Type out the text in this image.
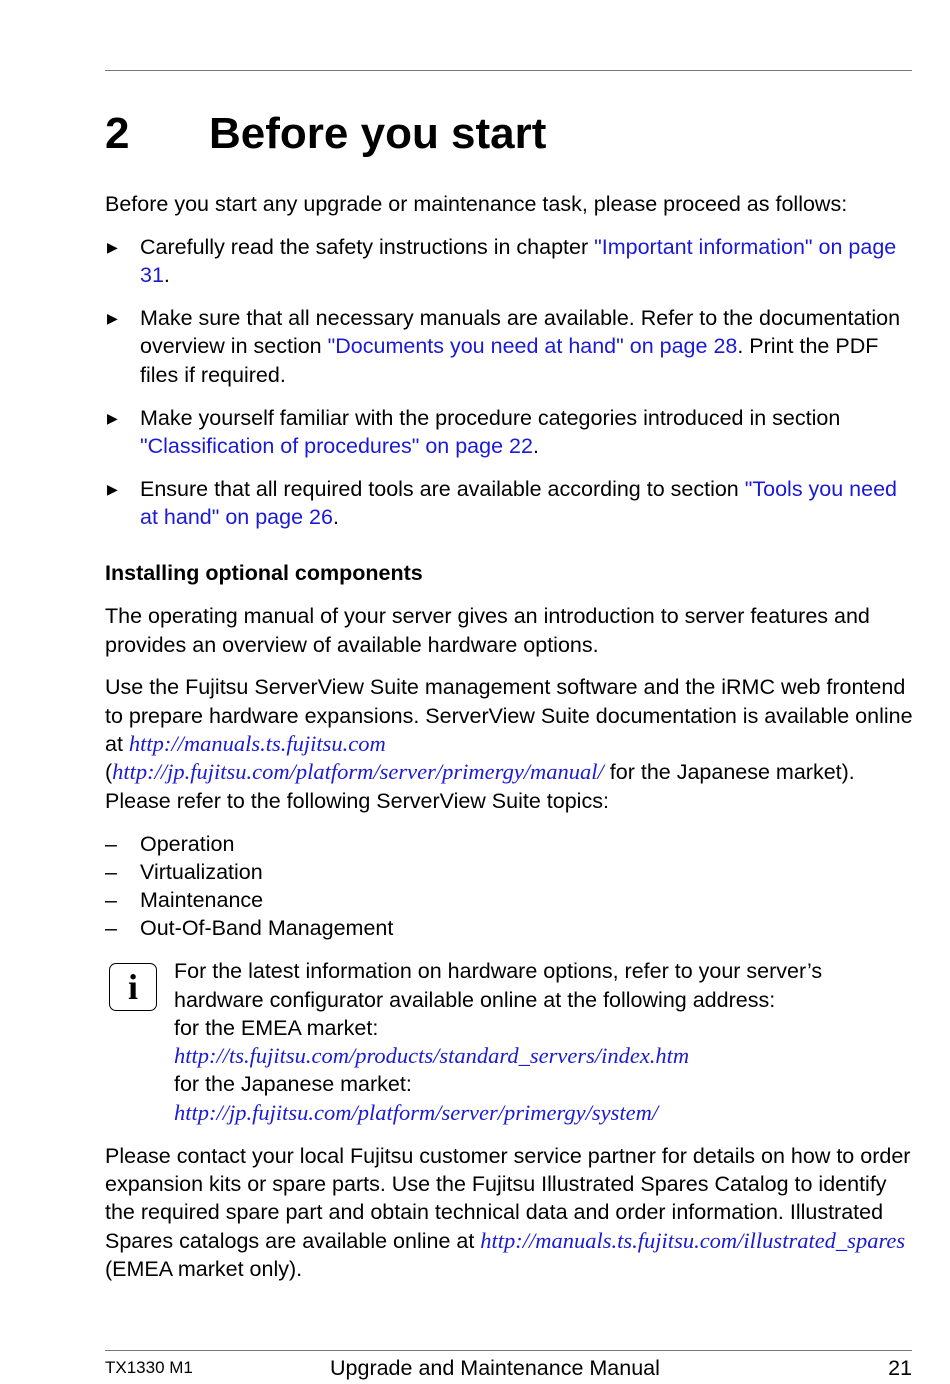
2 Before you start

Before you start any upgrade or maintenance task, please proceed as follows:

▶ Carefully read the safety instructions in chapter "Important information" on page 31.
▶ Make sure that all necessary manuals are available. Refer to the documentation overview in section "Documents you need at hand" on page 28. Print the PDF files if required.
▶ Make yourself familiar with the procedure categories introduced in section "Classification of procedures" on page 22.
▶ Ensure that all required tools are available according to section "Tools you need at hand" on page 26.
Installing optional components

The operating manual of your server gives an introduction to server features and provides an overview of available hardware options.

Use the Fujitsu ServerView Suite management software and the iRMC web frontend to prepare hardware expansions. ServerView Suite documentation is available online at http://manuals.ts.fujitsu.com
(http://jp.fujitsu.com/platform/server/primergy/manual/ for the Japanese market). Please refer to the following ServerView Suite topics:

– Operation
– Virtualization
– Maintenance
– Out-Of-Band Management
i	For the latest information on hardware options, refer to your server’s hardware configurator available online at the following address:
for the EMEA market:
http://ts.fujitsu.com/products/standard_servers/index.htm
for the Japanese market:
http://jp.fujitsu.com/platform/server/primergy/system/

Please contact your local Fujitsu customer service partner for details on how to order expansion kits or spare parts. Use the Fujitsu Illustrated Spares Catalog to identify the required spare part and obtain technical data and order information. Illustrated Spares catalogs are available online at http://manuals.ts.fujitsu.com/illustrated_spares (EMEA market only).

TX1330 M1	Upgrade and Maintenance Manual	21
